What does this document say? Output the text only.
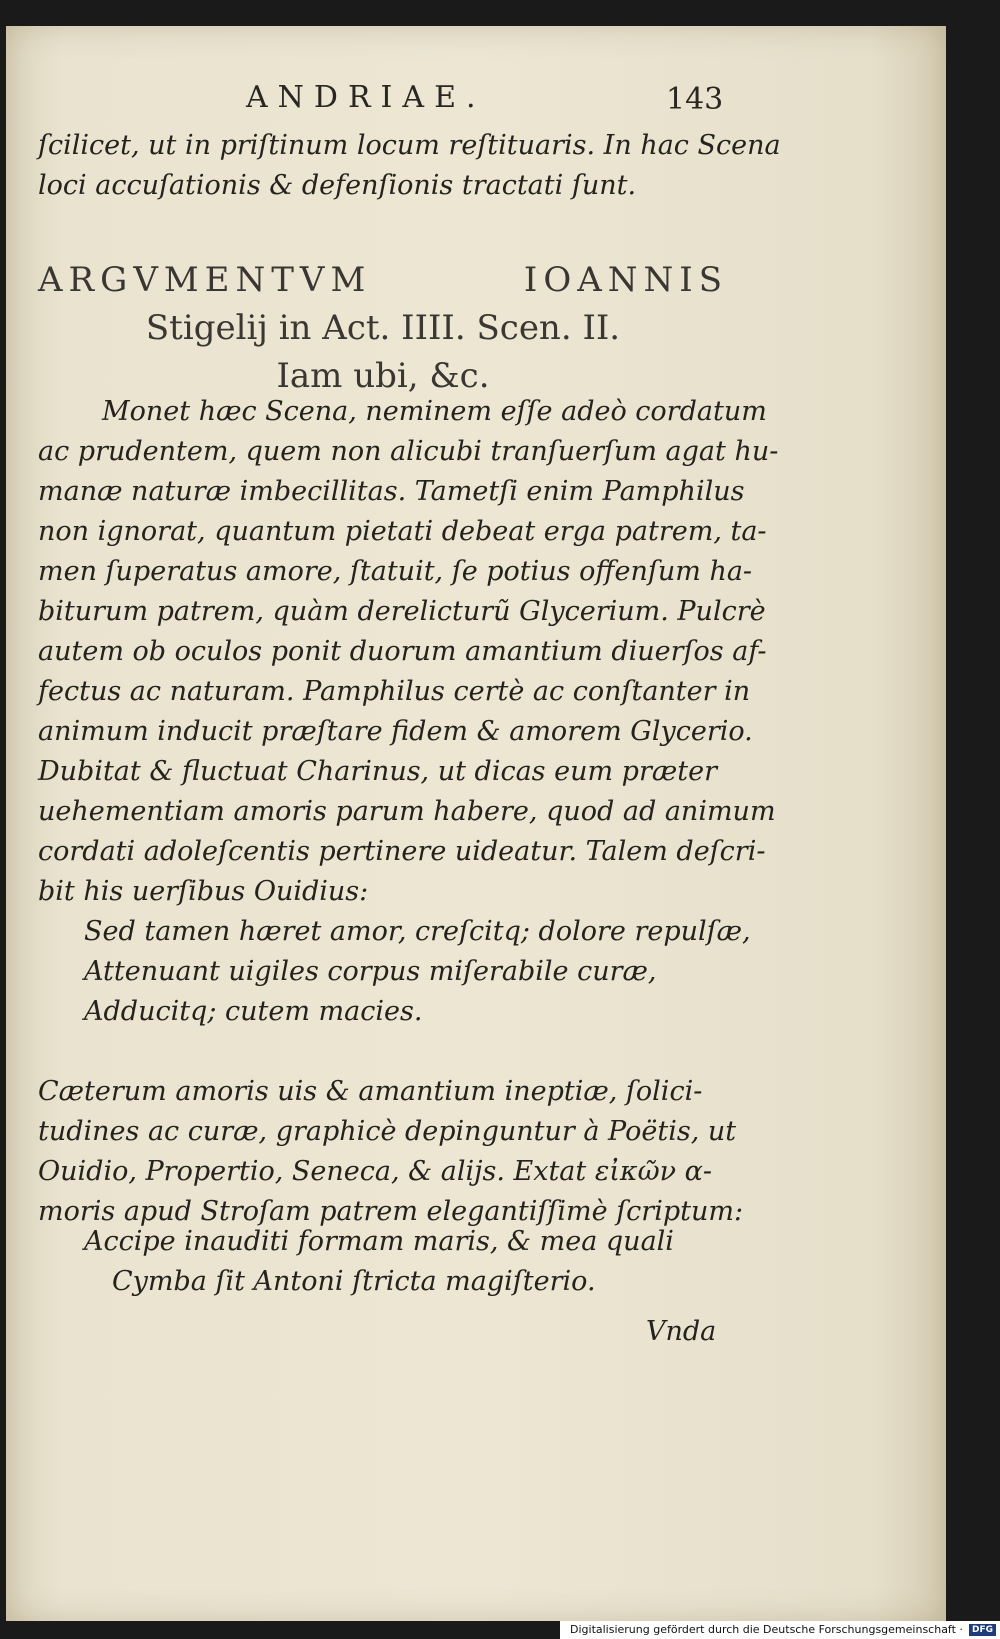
ANDRIAE.	143
ſcilicet, ut in priſtinum locum reſtituaris. In hac Scena
loci accuſationis & defenſionis tractati ſunt.
ARGVMENTVM IOANNIS
Stigelij in Act. IIII. Scen. II.
Iam ubi, &c.
Monet hæc Scena, neminem eſſe adeò cordatum
ac prudentem, quem non alicubi tranſuerſum agat hu-
manæ naturæ imbecillitas. Tametſi enim Pamphilus
non ignorat, quantum pietati debeat erga patrem, ta-
men ſuperatus amore, ſtatuit, ſe potius offenſum ha-
biturum patrem, quàm derelicturũ Glycerium. Pulcrè
autem ob oculos ponit duorum amantium diuerſos af-
fectus ac naturam. Pamphilus certè ac conſtanter in
animum inducit præſtare fidem & amorem Glycerio.
Dubitat & fluctuat Charinus, ut dicas eum præter
uehementiam amoris parum habere, quod ad animum
cordati adoleſcentis pertinere uideatur. Talem deſcri-
bit his uerſibus Ouidius:
Sed tamen hæret amor, creſcitq; dolore repulſæ,
Attenuant uigiles corpus miſerabile curæ,
Adducitq; cutem macies.
Cæterum amoris uis & amantium ineptiæ, ſolici-
tudines ac curæ, graphicè depinguntur à Poëtis, ut
Ouidio, Propertio, Seneca, & alijs. Extat εἰκῶν α-
moris apud Stroſam patrem elegantiſſimè ſcriptum:
Accipe inauditi formam maris, & mea quali
Cymba ſit Antoni ſtricta magiſterio.
Vnda
Digitalisierung gefördert durch die Deutsche Forschungsgemeinschaft ·	DFG
